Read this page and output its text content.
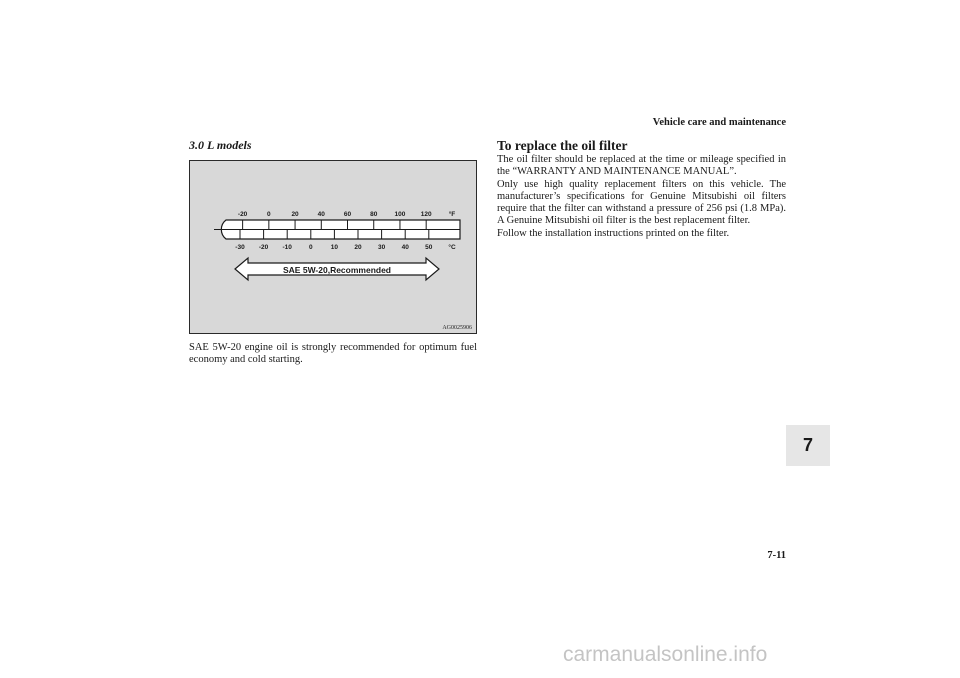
Vehicle care and maintenance
3.0 L models
-20	0	20	40	60	80	100 120
-30 -20 -10	0	10	20	30	40	50
°F
°C
SAE 5W-20,Recommended
AG0025906
SAE 5W-20 engine oil is strongly recommended for optimum fuel economy and cold starting.
To replace the oil filter

The oil filter should be replaced at the time or mileage specified in the “WARRANTY AND MAINTENANCE MANUAL”.

Only use high quality replacement filters on this vehicle. The manufacturer’s specifications for Genuine Mitsubishi oil filters require that the filter can withstand a pressure of 256 psi (1.8 MPa). A Genuine Mitsubishi oil filter is the best replacement filter.

Follow the installation instructions printed on the filter.

7
7-11
carmanualsonline.info
